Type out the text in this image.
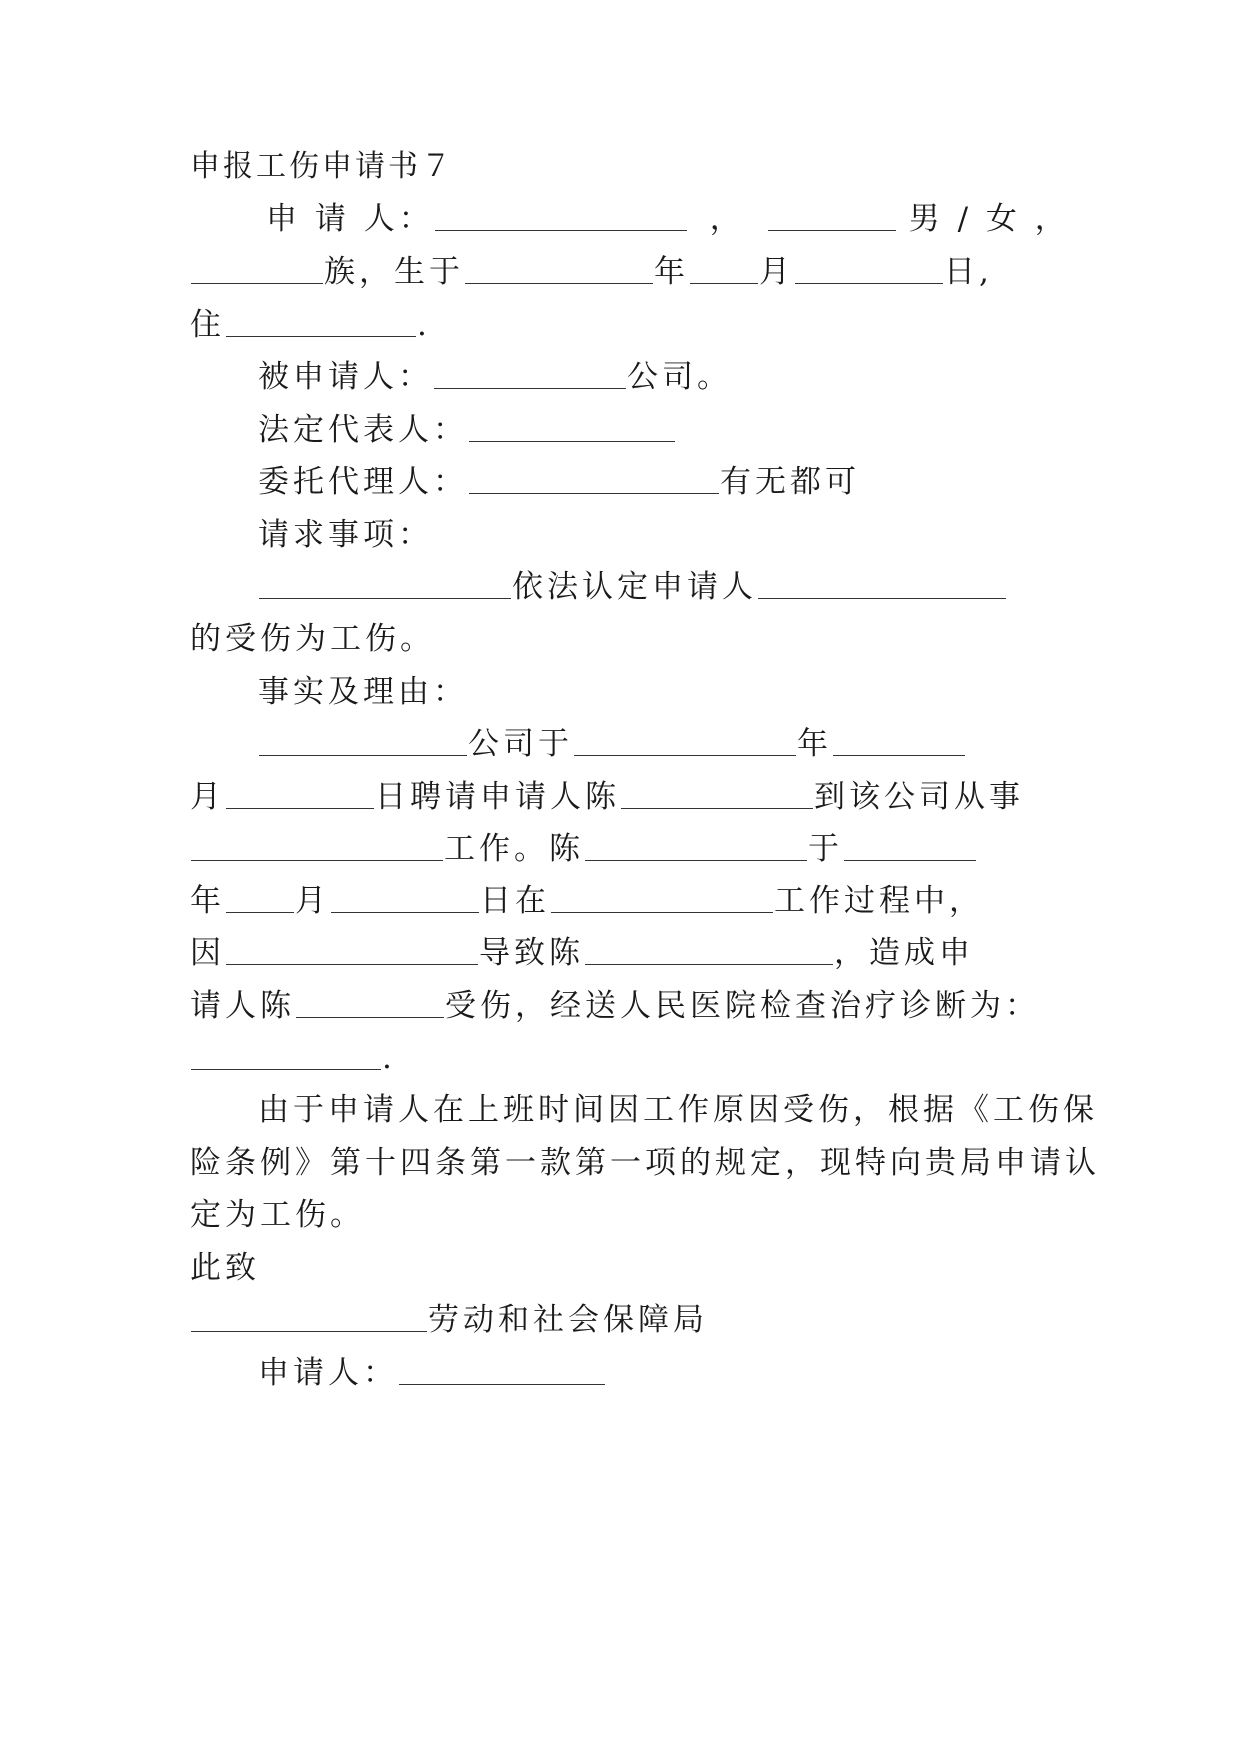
申报工伤申请书７
申 请 人：	，	男 / 女 ，
族，生于	年 月	日,
住	.
被申请人：	公司。
法定代表人：
委托代理人：	有无都可
请求事项：
依法认定申请人
的受伤为工伤。
事实及理由：
公司于	年
月	日聘请申请人陈	到该公司从事
工作。陈	于
年 月	日在	工作过程中，
因	导致陈	，造成申
请人陈	受伤，经送人民医院检查治疗诊断为：
.
由于申请人在上班时间因工作原因受伤，根据《工伤保
险条例》第十四条第一款第一项的规定，现特向贵局申请认
定为工伤。
此致
劳动和社会保障局
申请人：
